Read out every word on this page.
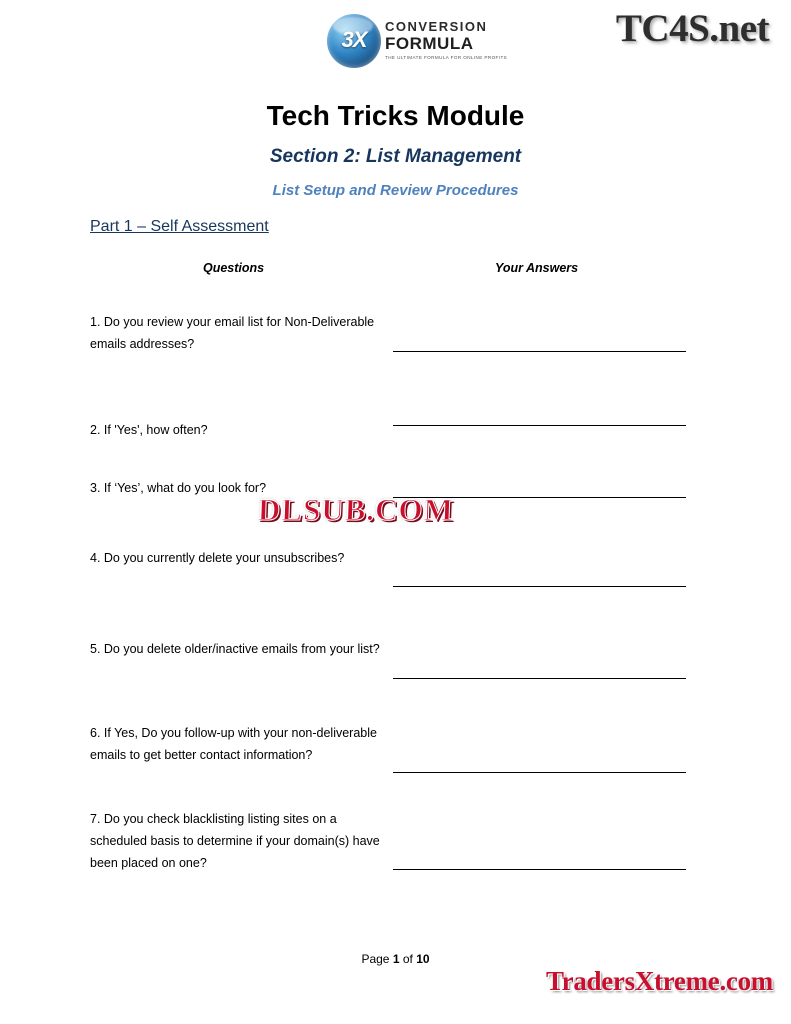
3X
CONVERSION
FORMULA
THE ULTIMATE FORMULA FOR ONLINE PROFITS
TC4S.net
Tech Tricks Module
Section 2: List Management
List Setup and Review Procedures
Part 1 – Self Assessment
Questions	Your Answers
1. Do you review your email list for Non-Deliverable emails addresses?
2. If 'Yes', how often?
3. If ‘Yes’, what do you look for?
4. Do you currently delete your unsubscribes?
5. Do you delete older/inactive emails from your list?
6. If Yes, Do you follow-up with your non-deliverable emails to get better contact information?
7. Do you check blacklisting listing sites on a scheduled basis to determine if your domain(s) have been placed on one?
DLSUB.COM
Page 1 of 10
TradersXtreme.com
